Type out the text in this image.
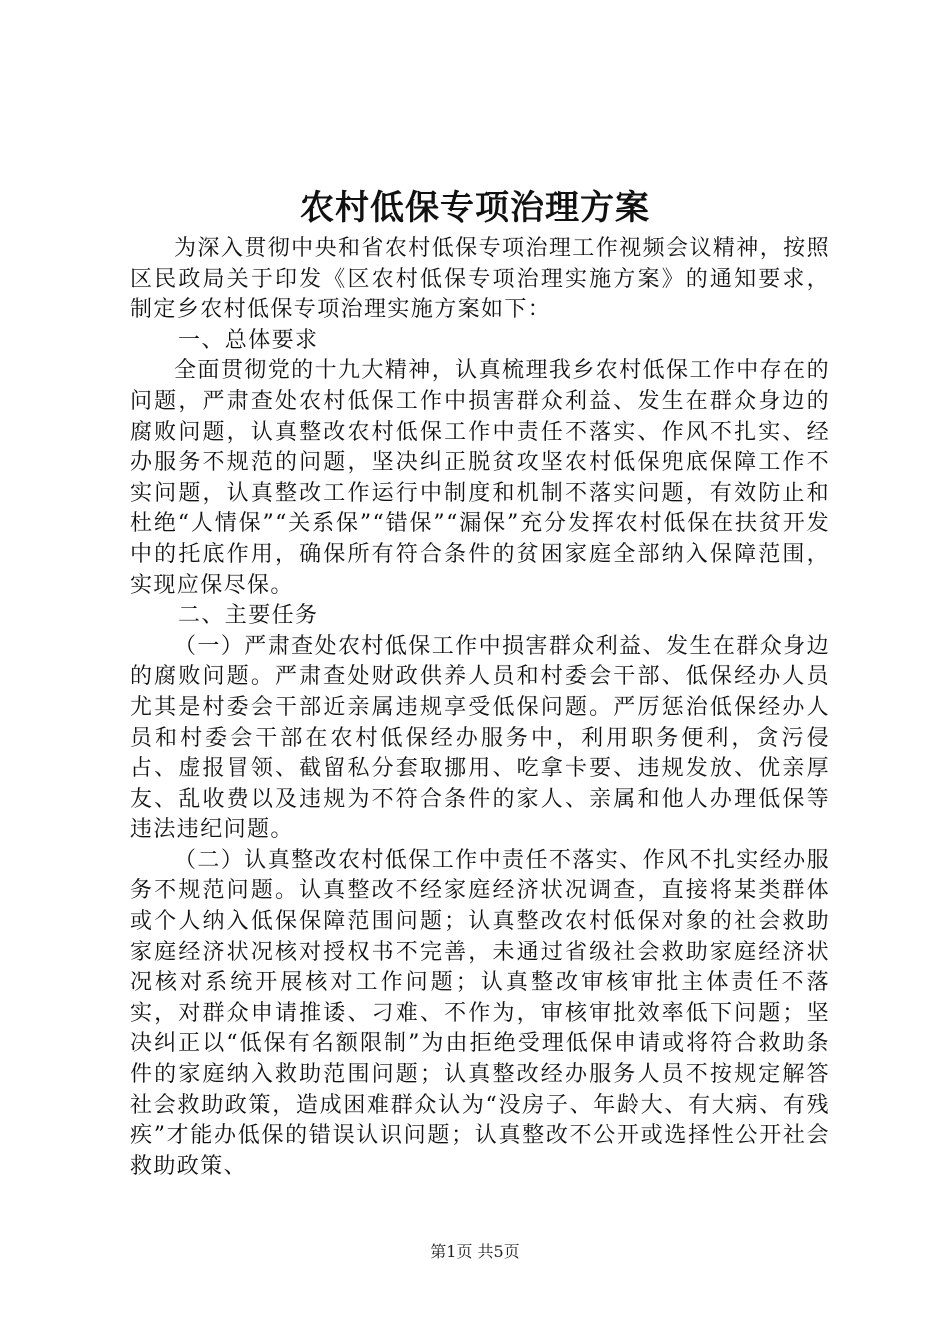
农村低保专项治理方案

为深入贯彻中央和省农村低保专项治理工作视频会议精神，按照区民政局关于印发《区农村低保专项治理实施方案》的通知要求，制定乡农村低保专项治理实施方案如下：

一、总体要求

全面贯彻党的十九大精神，认真梳理我乡农村低保工作中存在的问题，严肃查处农村低保工作中损害群众利益、发生在群众身边的腐败问题，认真整改农村低保工作中责任不落实、作风不扎实、经办服务不规范的问题，坚决纠正脱贫攻坚农村低保兜底保障工作不实问题，认真整改工作运行中制度和机制不落实问题，有效防止和杜绝“人情保”“关系保”“错保”“漏保”充分发挥农村低保在扶贫开发中的托底作用，确保所有符合条件的贫困家庭全部纳入保障范围，实现应保尽保。

二、主要任务

（一）严肃查处农村低保工作中损害群众利益、发生在群众身边的腐败问题。严肃查处财政供养人员和村委会干部、低保经办人员尤其是村委会干部近亲属违规享受低保问题。严厉惩治低保经办人员和村委会干部在农村低保经办服务中，利用职务便利，贪污侵占、虚报冒领、截留私分套取挪用、吃拿卡要、违规发放、优亲厚友、乱收费以及违规为不符合条件的家人、亲属和他人办理低保等违法违纪问题。

（二）认真整改农村低保工作中责任不落实、作风不扎实经办服务不规范问题。认真整改不经家庭经济状况调查，直接将某类群体或个人纳入低保保障范围问题；认真整改农村低保对象的社会救助家庭经济状况核对授权书不完善，未通过省级社会救助家庭经济状况核对系统开展核对工作问题；认真整改审核审批主体责任不落实，对群众申请推诿、刁难、不作为，审核审批效率低下问题；坚决纠正以“低保有名额限制”为由拒绝受理低保申请或将符合救助条件的家庭纳入救助范围问题；认真整改经办服务人员不按规定解答社会救助政策，造成困难群众认为“没房子、年龄大、有大病、有残疾”才能办低保的错误认识问题；认真整改不公开或选择性公开社会救助政策、

第1页 共5页
